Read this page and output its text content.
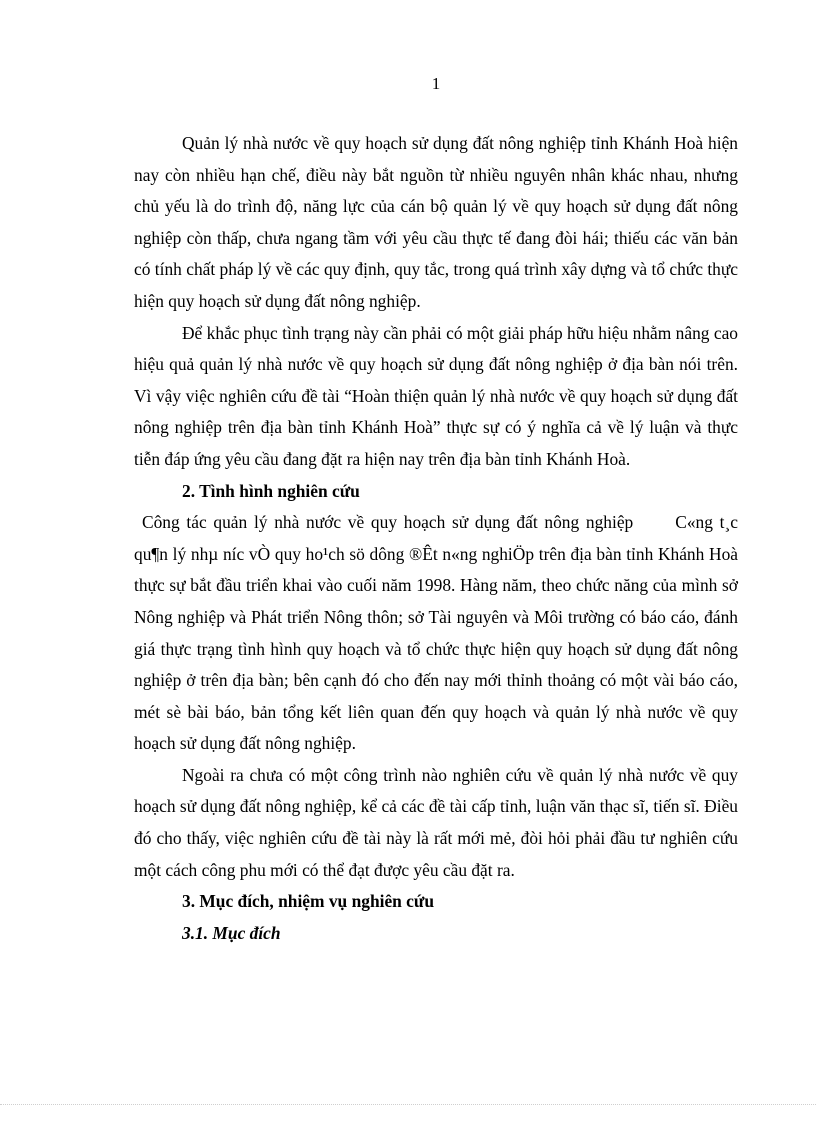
1

Quản lý nhà nước về quy hoạch sử dụng đất nông nghiệp tỉnh Khánh Hoà hiện nay còn nhiều hạn chế, điều này bắt nguồn từ nhiều nguyên nhân khác nhau, nhưng chủ yếu là do trình độ, năng lực của cán bộ quản lý về quy hoạch sử dụng đất nông nghiệp còn thấp, chưa ngang tầm với yêu cầu thực tế đang đòi hái; thiếu các văn bản có tính chất pháp lý về các quy định, quy tắc, trong quá trình xây dựng và tổ chức thực hiện quy hoạch sử dụng đất nông nghiệp.

Để khắc phục tình trạng này cần phải có một giải pháp hữu hiệu nhằm nâng cao hiệu quả quản lý nhà nước về quy hoạch sử dụng đất nông nghiệp ở địa bàn nói trên. Vì vậy việc nghiên cứu đề tài “Hoàn thiện quản lý nhà nước về quy hoạch sử dụng đất nông nghiệp trên địa bàn tỉnh Khánh Hoà” thực sự có ý nghĩa cả về lý luận và thực tiễn đáp ứng yêu cầu đang đặt ra hiện nay trên địa bàn tỉnh Khánh Hoà.

2. Tình hình nghiên cứu

Công tác quản lý nhà nước về quy hoạch sử dụng đất nông nghiệp C«ng t¸c qu¶n lý nhµ níc vÒ quy ho¹ch sö dông ®Êt n«ng nghiÖp trên địa bàn tỉnh Khánh Hoà thực sự bắt đầu triển khai vào cuối năm 1998. Hàng năm, theo chức năng của mình sở Nông nghiệp và Phát triển Nông thôn; sở Tài nguyên và Môi trường có báo cáo, đánh giá thực trạng tình hình quy hoạch và tổ chức thực hiện quy hoạch sử dụng đất nông nghiệp ở trên địa bàn; bên cạnh đó cho đến nay mới thỉnh thoảng có một vài báo cáo, mét sè bài báo, bản tổng kết liên quan đến quy hoạch và quản lý nhà nước về quy hoạch sử dụng đất nông nghiệp.

Ngoài ra chưa có một công trình nào nghiên cứu về quản lý nhà nước về quy hoạch sử dụng đất nông nghiệp, kể cả các đề tài cấp tỉnh, luận văn thạc sĩ, tiến sĩ. Điều đó cho thấy, việc nghiên cứu đề tài này là rất mới mẻ, đòi hỏi phải đầu tư nghiên cứu một cách công phu mới có thể đạt được yêu cầu đặt ra.

3. Mục đích, nhiệm vụ nghiên cứu

3.1. Mục đích
